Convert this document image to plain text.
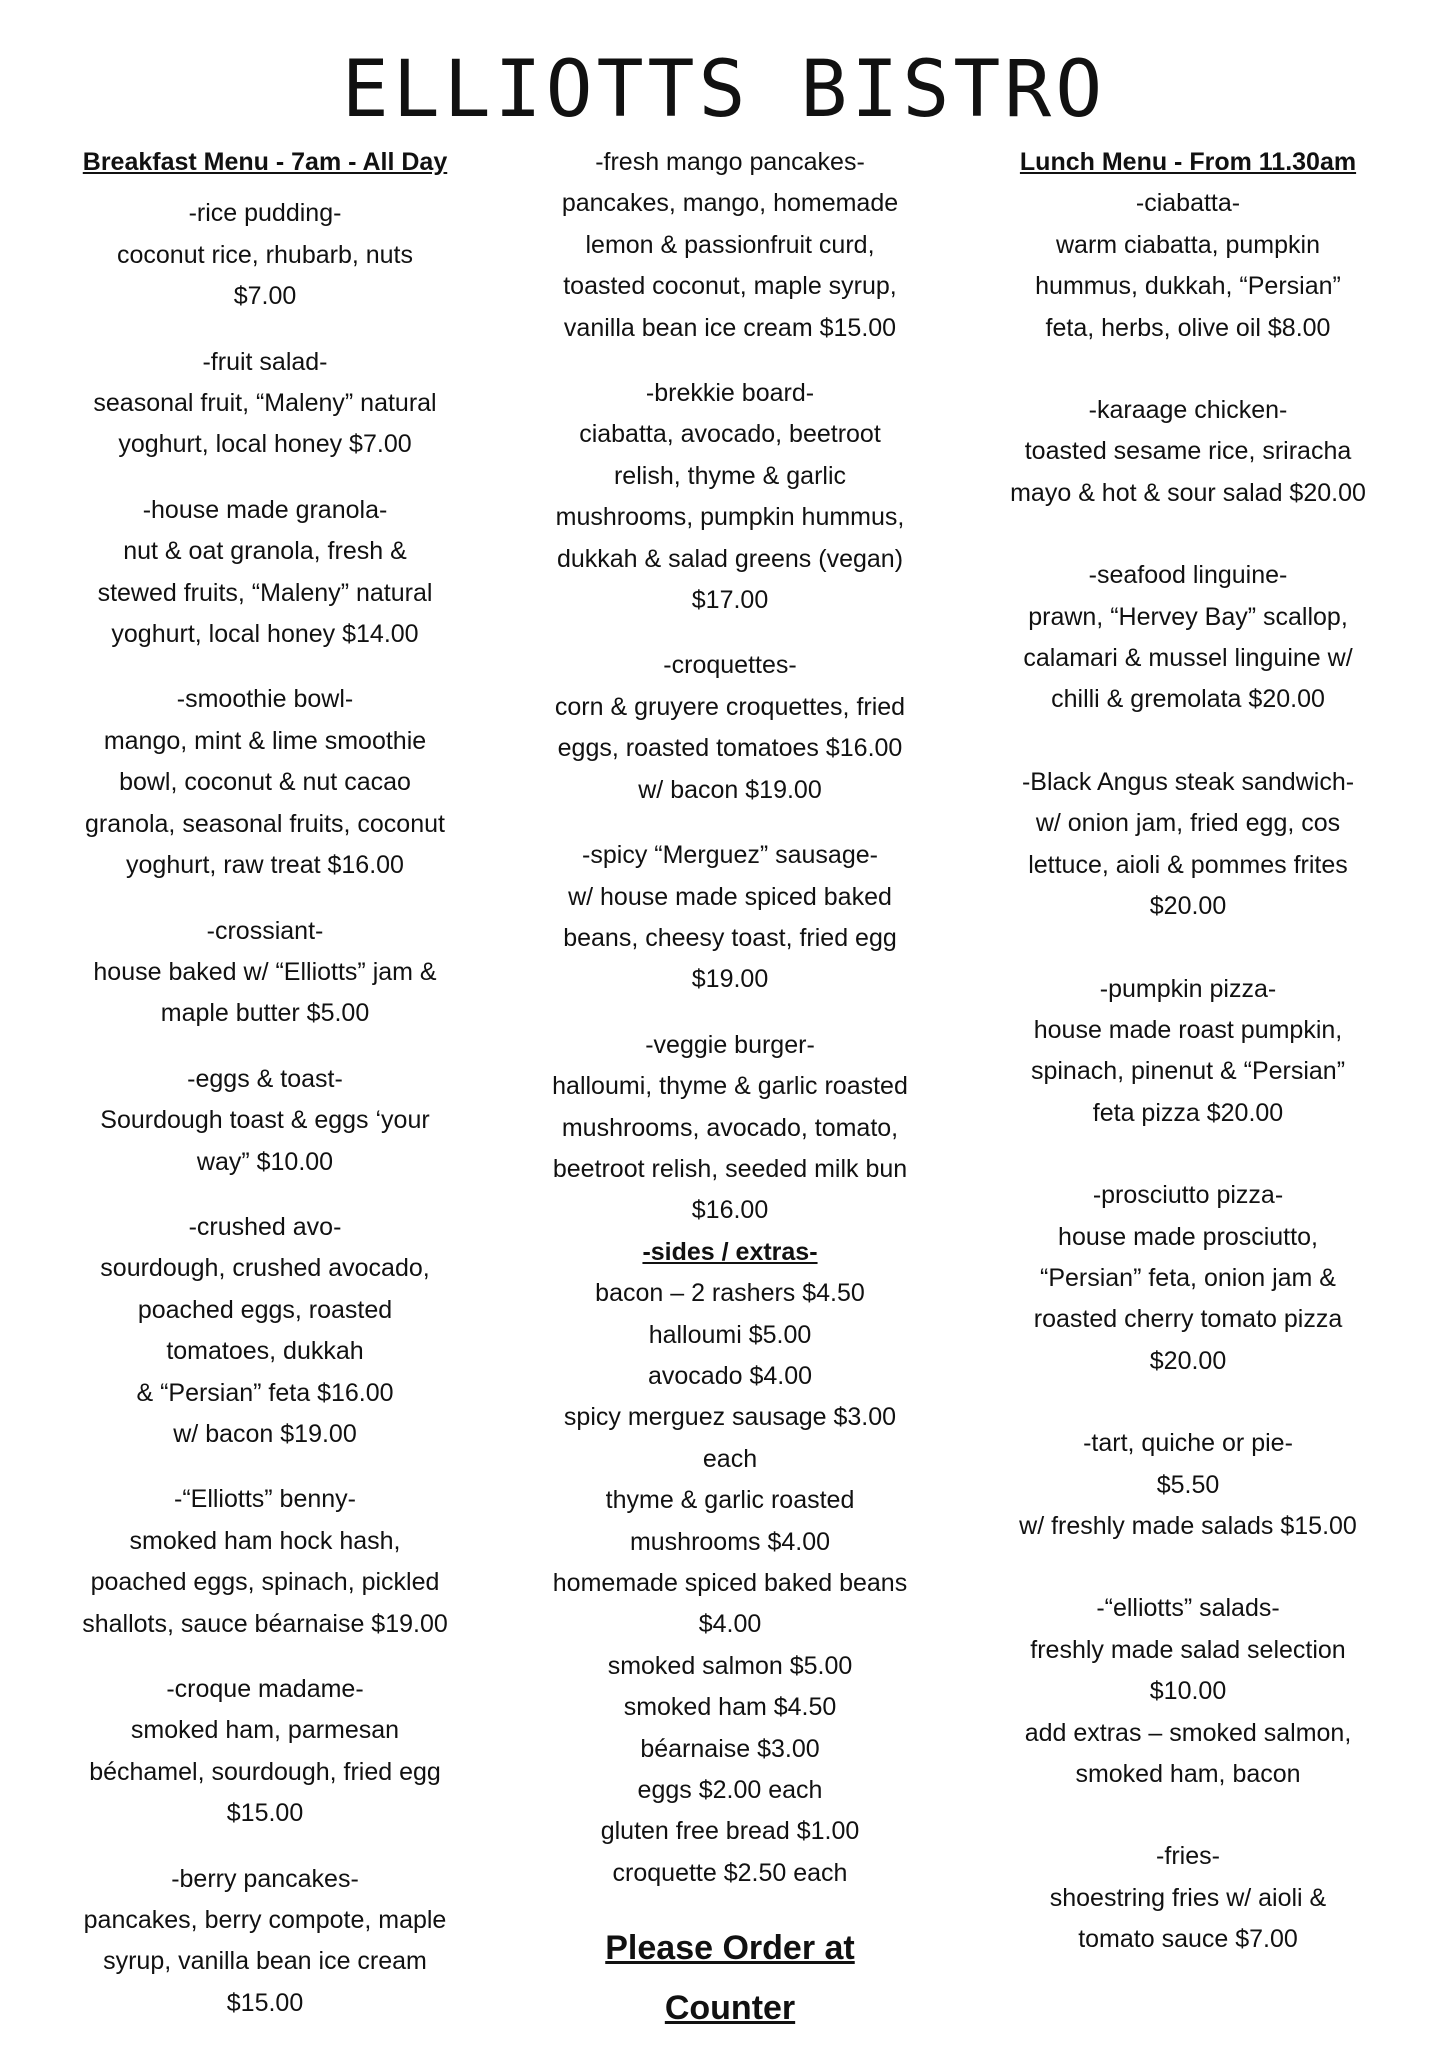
ELLIOTTS BISTRO
Breakfast Menu - 7am - All Day
-rice pudding-
coconut rice, rhubarb, nuts
$7.00
-fruit salad-
seasonal fruit, “Maleny” natural
yoghurt, local honey $7.00
-house made granola-
nut & oat granola, fresh &
stewed fruits, “Maleny” natural
yoghurt, local honey $14.00
-smoothie bowl-
mango, mint & lime smoothie
bowl, coconut & nut cacao
granola, seasonal fruits, coconut
yoghurt, raw treat $16.00
-crossiant-
house baked w/ “Elliotts” jam &
maple butter $5.00
-eggs & toast-
Sourdough toast & eggs ‘your
way” $10.00
-crushed avo-
sourdough, crushed avocado,
poached eggs, roasted
tomatoes, dukkah
& “Persian” feta $16.00
w/ bacon $19.00
-“Elliotts” benny-
smoked ham hock hash,
poached eggs, spinach, pickled
shallots, sauce béarnaise $19.00
-croque madame-
smoked ham, parmesan
béchamel, sourdough, fried egg
$15.00
-berry pancakes-
pancakes, berry compote, maple
syrup, vanilla bean ice cream
$15.00
-fresh mango pancakes-
pancakes, mango, homemade
lemon & passionfruit curd,
toasted coconut, maple syrup,
vanilla bean ice cream $15.00
-brekkie board-
ciabatta, avocado, beetroot
relish, thyme & garlic
mushrooms, pumpkin hummus,
dukkah & salad greens (vegan)
$17.00
-croquettes-
corn & gruyere croquettes, fried
eggs, roasted tomatoes $16.00
w/ bacon $19.00
-spicy “Merguez” sausage-
w/ house made spiced baked
beans, cheesy toast, fried egg
$19.00
-veggie burger-
halloumi, thyme & garlic roasted
mushrooms, avocado, tomato,
beetroot relish, seeded milk bun
$16.00
-sides / extras-
bacon – 2 rashers $4.50
halloumi $5.00
avocado $4.00
spicy merguez sausage $3.00
each
thyme & garlic roasted
mushrooms $4.00
homemade spiced baked beans
$4.00
smoked salmon $5.00
smoked ham $4.50
béarnaise $3.00
eggs $2.00 each
gluten free bread $1.00
croquette $2.50 each
Please Order at
Counter
Lunch Menu - From 11.30am
-ciabatta-
warm ciabatta, pumpkin
hummus, dukkah, “Persian”
feta, herbs, olive oil $8.00
-karaage chicken-
toasted sesame rice, sriracha
mayo & hot & sour salad $20.00
-seafood linguine-
prawn, “Hervey Bay” scallop,
calamari & mussel linguine w/
chilli & gremolata $20.00
-Black Angus steak sandwich-
w/ onion jam, fried egg, cos
lettuce, aioli & pommes frites
$20.00
-pumpkin pizza-
house made roast pumpkin,
spinach, pinenut & “Persian”
feta pizza $20.00
-prosciutto pizza-
house made prosciutto,
“Persian” feta, onion jam &
roasted cherry tomato pizza
$20.00
-tart, quiche or pie-
$5.50
w/ freshly made salads $15.00
-“elliotts” salads-
freshly made salad selection
$10.00
add extras – smoked salmon,
smoked ham, bacon
-fries-
shoestring fries w/ aioli &
tomato sauce $7.00
